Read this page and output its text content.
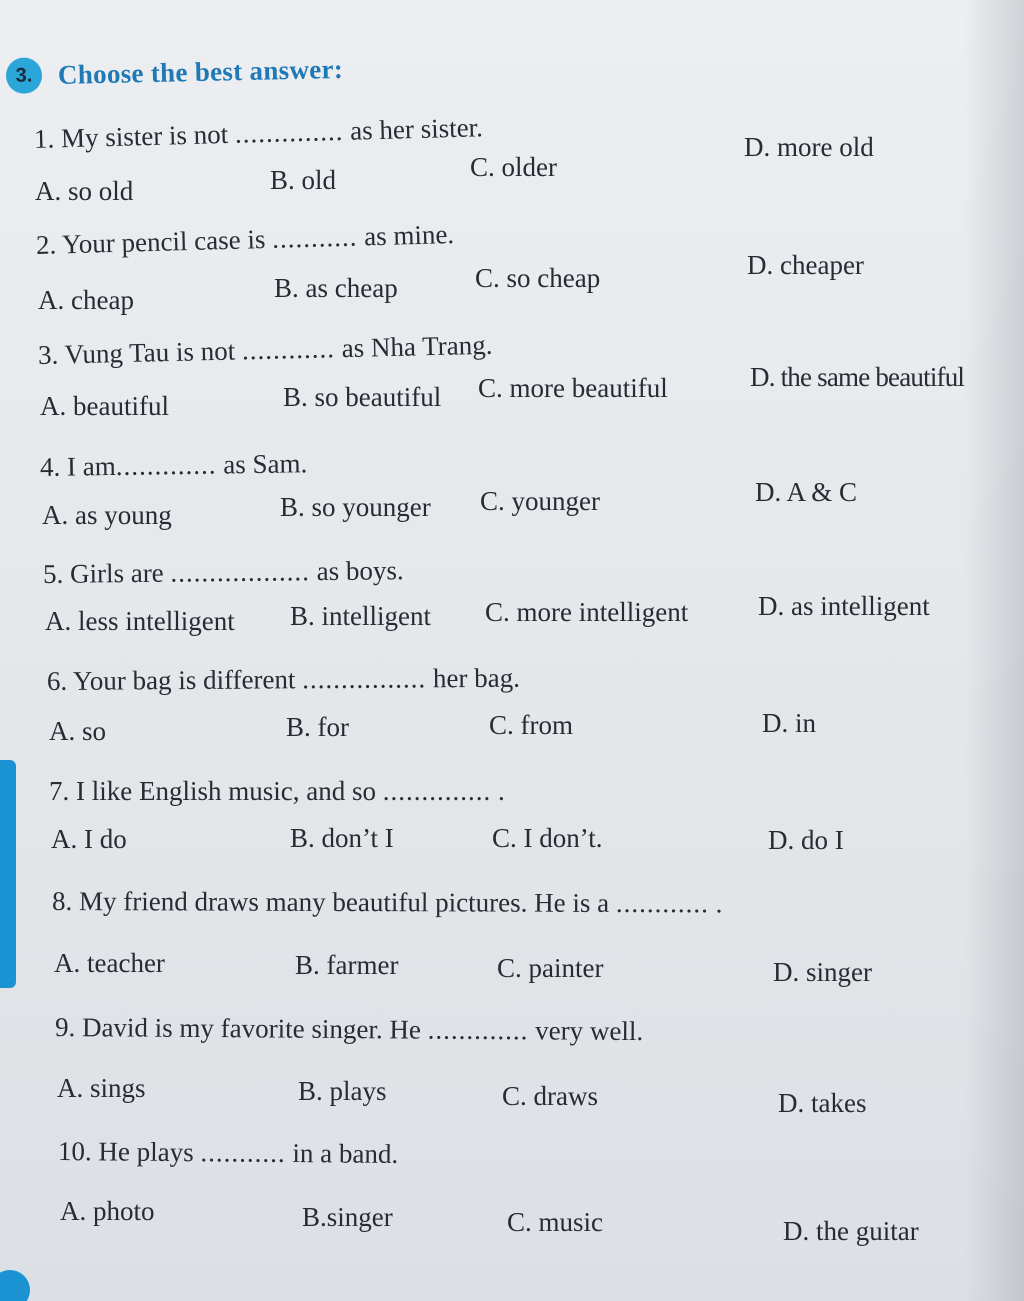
3. Choose the best answer:
1. My sister is not .............. as her sister.
A. so old	B. old	C. older
D. more old
2. Your pencil case is ........... as mine.
A. cheap	B. as cheap	C. so cheap	D. cheaper
3. Vung Tau is not ............ as Nha Trang.
A. beautiful	B. so beautiful C. more beautiful	D. the same beautiful
4. I am............. as Sam.
A. as young	B. so younger C. younger	D. A & C
5. Girls are .................. as boys.
A. less intelligent B. intelligent C. more intelligent	D. as intelligent
6. Your bag is different ................ her bag.
A. so	B. for	C. from	D. in
7. I like English music, and so .............. .
A. I do	B. don’t I	C. I don’t.	D. do I
8. My friend draws many beautiful pictures. He is a ............ .
A. teacher	B. farmer	C. painter	D. singer
9. David is my favorite singer. He ............. very well.
A. sings	B. plays	C. draws	D. takes
10. He plays ........... in a band.
A. photo	B.singer	C. music	D. the guitar
